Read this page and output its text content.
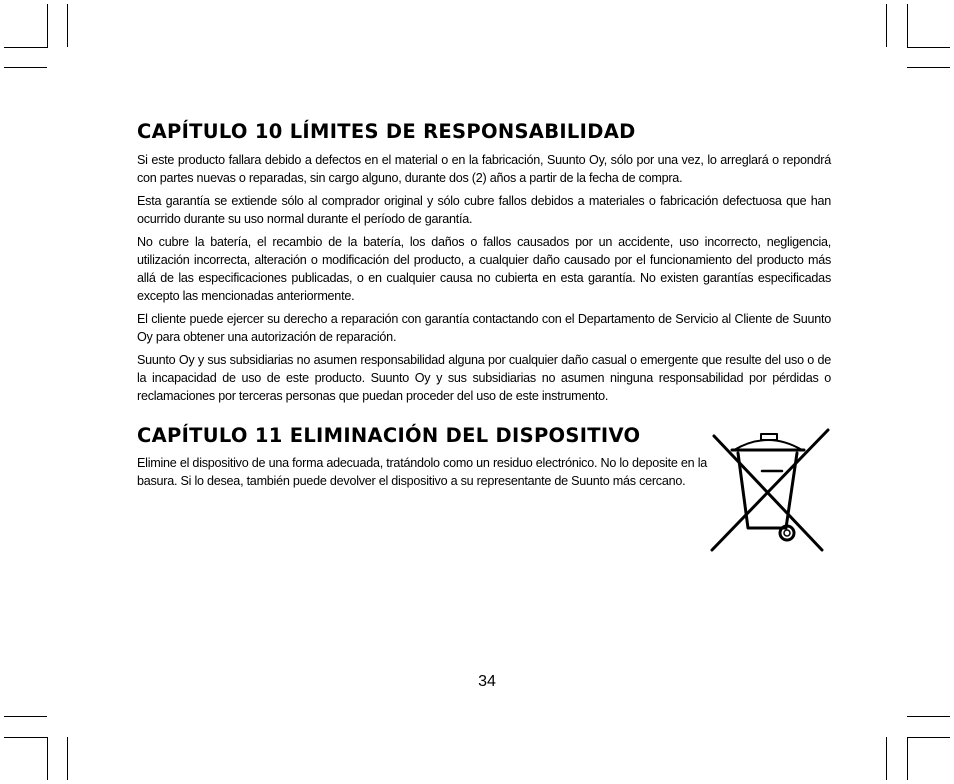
CAPÍTULO 10 LÍMITES DE RESPONSABILIDAD

Si este producto fallara debido a defectos en el material o en la fabricación, Suunto Oy, sólo por una vez, lo arreglará o repondrá con partes nuevas o reparadas, sin cargo alguno, durante dos (2) años a partir de la fecha de compra.

Esta garantía se extiende sólo al comprador original y sólo cubre fallos debidos a materiales o fabricación defectuosa que han ocurrido durante su uso normal durante el período de garantía.

No cubre la batería, el recambio de la batería, los daños o fallos causados por un accidente, uso incorrecto, negligencia, utilización incorrecta, alteración o modificación del producto, a cualquier daño causado por el funcionamiento del producto más allá de las especificaciones publicadas, o en cualquier causa no cubierta en esta garantía. No existen garantías especificadas excepto las mencionadas anteriormente.

El cliente puede ejercer su derecho a reparación con garantía contactando con el Departamento de Servicio al Cliente de Suunto Oy para obtener una autorización de reparación.

Suunto Oy y sus subsidiarias no asumen responsabilidad alguna por cualquier daño casual o emergente que resulte del uso o de la incapacidad de uso de este producto. Suunto Oy y sus subsidiarias no asumen ninguna responsabilidad por pérdidas o reclamaciones por terceras personas que puedan proceder del uso de este instrumento.

CAPÍTULO 11 ELIMINACIÓN DEL DISPOSITIVO

Elimine el dispositivo de una forma adecuada, tratándolo como un residuo electrónico. No lo deposite en la basura. Si lo desea, también puede devolver el dispositivo a su representante de Suunto más cercano.

34
